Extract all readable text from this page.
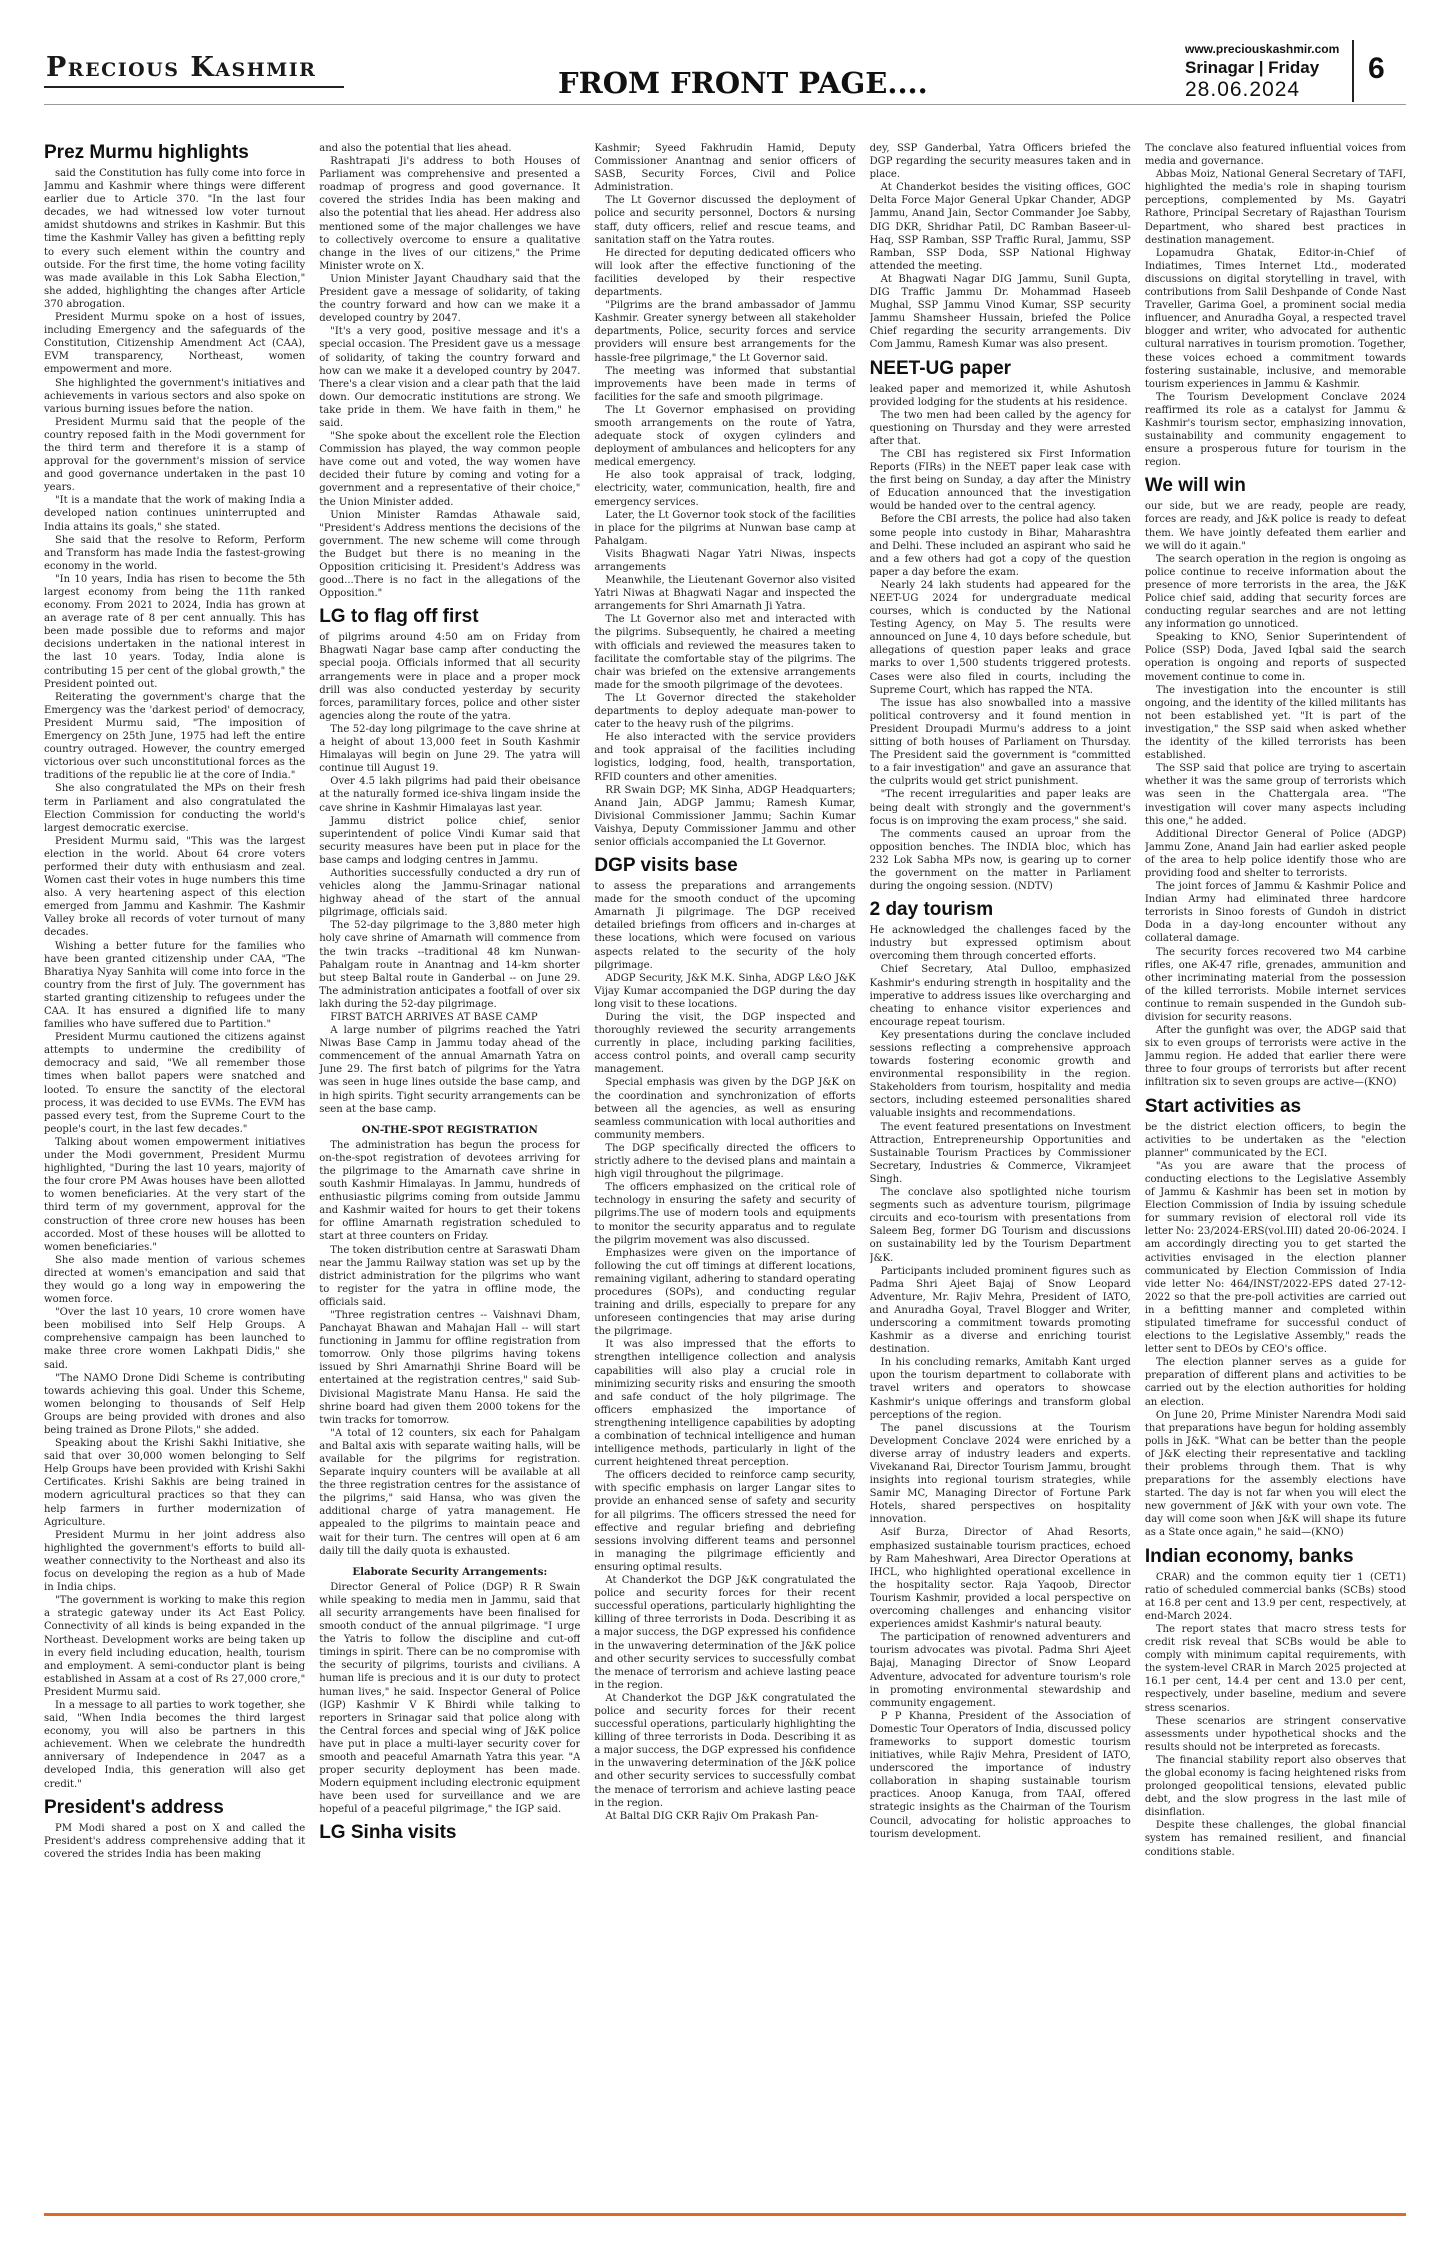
Precious Kashmir	FROM FRONT PAGE....
www.preciouskashmir.com
Srinagar | Friday
28.06.2024
6
Prez Murmu highlights

said the Constitution has fully come into force in Jammu and Kashmir where things were different earlier due to Article 370. "In the last four decades, we had witnessed low voter turnout amidst shutdowns and strikes in Kashmir. But this time the Kashmir Valley has given a befitting reply to every such element within the country and outside. For the first time, the home voting facility was made available in this Lok Sabha Election," she added, highlighting the changes after Article 370 abrogation.

President Murmu spoke on a host of issues, including Emergency and the safeguards of the Constitution, Citizenship Amendment Act (CAA), EVM transparency, Northeast, women empowerment and more.

She highlighted the government's initiatives and achievements in various sectors and also spoke on various burning issues before the nation.

President Murmu said that the people of the country reposed faith in the Modi government for the third term and therefore it is a stamp of approval for the government's mission of service and good governance undertaken in the past 10 years.

"It is a mandate that the work of making India a developed nation continues uninterrupted and India attains its goals," she stated.

She said that the resolve to Reform, Perform and Transform has made India the fastest-growing economy in the world.

"In 10 years, India has risen to become the 5th largest economy from being the 11th ranked economy. From 2021 to 2024, India has grown at an average rate of 8 per cent annually. This has been made possible due to reforms and major decisions undertaken in the national interest in the last 10 years. Today, India alone is contributing 15 per cent of the global growth," the President pointed out.

Reiterating the government's charge that the Emergency was the 'darkest period' of democracy, President Murmu said, "The imposition of Emergency on 25th June, 1975 had left the entire country outraged. However, the country emerged victorious over such unconstitutional forces as the traditions of the republic lie at the core of India."

She also congratulated the MPs on their fresh term in Parliament and also congratulated the Election Commission for conducting the world's largest democratic exercise.

President Murmu said, "This was the largest election in the world. About 64 crore voters performed their duty with enthusiasm and zeal. Women cast their votes in huge numbers this time also. A very heartening aspect of this election emerged from Jammu and Kashmir. The Kashmir Valley broke all records of voter turnout of many decades.

Wishing a better future for the families who have been granted citizenship under CAA, "The Bharatiya Nyay Sanhita will come into force in the country from the first of July. The government has started granting citizenship to refugees under the CAA. It has ensured a dignified life to many families who have suffered due to Partition."

President Murmu cautioned the citizens against attempts to undermine the credibility of democracy and said, "We all remember those times when ballot papers were snatched and looted. To ensure the sanctity of the electoral process, it was decided to use EVMs. The EVM has passed every test, from the Supreme Court to the people's court, in the last few decades."

Talking about women empowerment initiatives under the Modi government, President Murmu highlighted, "During the last 10 years, majority of the four crore PM Awas houses have been allotted to women beneficiaries. At the very start of the third term of my government, approval for the construction of three crore new houses has been accorded. Most of these houses will be allotted to women beneficiaries."

She also made mention of various schemes directed at women's emancipation and said that they would go a long way in empowering the women force.

"Over the last 10 years, 10 crore women have been mobilised into Self Help Groups. A comprehensive campaign has been launched to make three crore women Lakhpati Didis," she said.

"The NAMO Drone Didi Scheme is contributing towards achieving this goal. Under this Scheme, women belonging to thousands of Self Help Groups are being provided with drones and also being trained as Drone Pilots," she added.

Speaking about the Krishi Sakhi Initiative, she said that over 30,000 women belonging to Self Help Groups have been provided with Krishi Sakhi Certificates. Krishi Sakhis are being trained in modern agricultural practices so that they can help farmers in further modernization of Agriculture.

President Murmu in her joint address also highlighted the government's efforts to build all-weather connectivity to the Northeast and also its focus on developing the region as a hub of Made in India chips.

"The government is working to make this region a strategic gateway under its Act East Policy. Connectivity of all kinds is being expanded in the Northeast. Development works are being taken up in every field including education, health, tourism and employment. A semi-conductor plant is being established in Assam at a cost of Rs 27,000 crore," President Murmu said.

In a message to all parties to work together, she said, "When India becomes the third largest economy, you will also be partners in this achievement. When we celebrate the hundredth anniversary of Independence in 2047 as a developed India, this generation will also get credit."

President's address

PM Modi shared a post on X and called the President's address comprehensive adding that it covered the strides India has been making

and also the potential that lies ahead.

Rashtrapati Ji's address to both Houses of Parliament was comprehensive and presented a roadmap of progress and good governance. It covered the strides India has been making and also the potential that lies ahead. Her address also mentioned some of the major challenges we have to collectively overcome to ensure a qualitative change in the lives of our citizens," the Prime Minister wrote on X.

Union Minister Jayant Chaudhary said that the President gave a message of solidarity, of taking the country forward and how can we make it a developed country by 2047.

"It's a very good, positive message and it's a special occasion. The President gave us a message of solidarity, of taking the country forward and how can we make it a developed country by 2047. There's a clear vision and a clear path that the laid down. Our democratic institutions are strong. We take pride in them. We have faith in them," he said.

"She spoke about the excellent role the Election Commission has played, the way common people have come out and voted, the way women have decided their future by coming and voting for a government and a representative of their choice," the Union Minister added.

Union Minister Ramdas Athawale said, "President's Address mentions the decisions of the government. The new scheme will come through the Budget but there is no meaning in the Opposition criticising it. President's Address was good...There is no fact in the allegations of the Opposition."

LG to flag off first

of pilgrims around 4:50 am on Friday from Bhagwati Nagar base camp after conducting the special pooja. Officials informed that all security arrangements were in place and a proper mock drill was also conducted yesterday by security forces, paramilitary forces, police and other sister agencies along the route of the yatra.

The 52-day long pilgrimage to the cave shrine at a height of about 13,000 feet in South Kashmir Himalayas will begin on June 29. The yatra will continue till August 19.

Over 4.5 lakh pilgrims had paid their obeisance at the naturally formed ice-shiva lingam inside the cave shrine in Kashmir Himalayas last year.

Jammu district police chief, senior superintendent of police Vindi Kumar said that security measures have been put in place for the base camps and lodging centres in Jammu.

Authorities successfully conducted a dry run of vehicles along the Jammu-Srinagar national highway ahead of the start of the annual pilgrimage, officials said.

The 52-day pilgrimage to the 3,880 meter high holy cave shrine of Amarnath will commence from the twin tracks --traditional 48 km Nunwan-Pahalgam route in Anantnag and 14-km shorter but steep Baltal route in Ganderbal -- on June 29. The administration anticipates a footfall of over six lakh during the 52-day pilgrimage.

FIRST BATCH ARRIVES AT BASE CAMP

A large number of pilgrims reached the Yatri Niwas Base Camp in Jammu today ahead of the commencement of the annual Amarnath Yatra on June 29. The first batch of pilgrims for the Yatra was seen in huge lines outside the base camp, and in high spirits. Tight security arrangements can be seen at the base camp.

ON-THE-SPOT REGISTRATION

The administration has begun the process for on-the-spot registration of devotees arriving for the pilgrimage to the Amarnath cave shrine in south Kashmir Himalayas. In Jammu, hundreds of enthusiastic pilgrims coming from outside Jammu and Kashmir waited for hours to get their tokens for offline Amarnath registration scheduled to start at three counters on Friday.

The token distribution centre at Saraswati Dham near the Jammu Railway station was set up by the district administration for the pilgrims who want to register for the yatra in offline mode, the officials said.

"Three registration centres -- Vaishnavi Dham, Panchayat Bhawan and Mahajan Hall -- will start functioning in Jammu for offline registration from tomorrow. Only those pilgrims having tokens issued by Shri Amarnathji Shrine Board will be entertained at the registration centres," said Sub-Divisional Magistrate Manu Hansa. He said the shrine board had given them 2000 tokens for the twin tracks for tomorrow.

"A total of 12 counters, six each for Pahalgam and Baltal axis with separate waiting halls, will be available for the pilgrims for registration. Separate inquiry counters will be available at all the three registration centres for the assistance of the pilgrims," said Hansa, who was given the additional charge of yatra management. He appealed to the pilgrims to maintain peace and wait for their turn. The centres will open at 6 am daily till the daily quota is exhausted.

Elaborate Security Arrangements:

Director General of Police (DGP) R R Swain while speaking to media men in Jammu, said that all security arrangements have been finalised for smooth conduct of the annual pilgrimage. "I urge the Yatris to follow the discipline and cut-off timings in spirit. There can be no compromise with the security of pilgrims, tourists and civilians. A human life is precious and it is our duty to protect human lives," he said. Inspector General of Police (IGP) Kashmir V K Bhirdi while talking to reporters in Srinagar said that police along with the Central forces and special wing of J&K police have put in place a multi-layer security cover for smooth and peaceful Amarnath Yatra this year. "A proper security deployment has been made. Modern equipment including electronic equipment have been used for surveillance and we are hopeful of a peaceful pilgrimage," the IGP said.

LG Sinha visits

Kashmir; Syeed Fakhrudin Hamid, Deputy Commissioner Anantnag and senior officers of SASB, Security Forces, Civil and Police Administration.

The Lt Governor discussed the deployment of police and security personnel, Doctors & nursing staff, duty officers, relief and rescue teams, and sanitation staff on the Yatra routes.

He directed for deputing dedicated officers who will look after the effective functioning of the facilities developed by their respective departments.

"Pilgrims are the brand ambassador of Jammu Kashmir. Greater synergy between all stakeholder departments, Police, security forces and service providers will ensure best arrangements for the hassle-free pilgrimage," the Lt Governor said.

The meeting was informed that substantial improvements have been made in terms of facilities for the safe and smooth pilgrimage.

The Lt Governor emphasised on providing smooth arrangements on the route of Yatra, adequate stock of oxygen cylinders and deployment of ambulances and helicopters for any medical emergency.

He also took appraisal of track, lodging, electricity, water, communication, health, fire and emergency services.

Later, the Lt Governor took stock of the facilities in place for the pilgrims at Nunwan base camp at Pahalgam.

Visits Bhagwati Nagar Yatri Niwas, inspects arrangements

Meanwhile, the Lieutenant Governor also visited Yatri Niwas at Bhagwati Nagar and inspected the arrangements for Shri Amarnath Ji Yatra.

The Lt Governor also met and interacted with the pilgrims. Subsequently, he chaired a meeting with officials and reviewed the measures taken to facilitate the comfortable stay of the pilgrims. The chair was briefed on the extensive arrangements made for the smooth pilgrimage of the devotees.

The Lt Governor directed the stakeholder departments to deploy adequate man-power to cater to the heavy rush of the pilgrims.

He also interacted with the service providers and took appraisal of the facilities including logistics, lodging, food, health, transportation, RFID counters and other amenities.

RR Swain DGP; MK Sinha, ADGP Headquarters; Anand Jain, ADGP Jammu; Ramesh Kumar, Divisional Commissioner Jammu; Sachin Kumar Vaishya, Deputy Commissioner Jammu and other senior officials accompanied the Lt Governor.

DGP visits base

to assess the preparations and arrangements made for the smooth conduct of the upcoming Amarnath Ji pilgrimage. The DGP received detailed briefings from officers and in-charges at these locations, which were focused on various aspects related to the security of the holy pilgrimage.

ADGP Security, J&K M.K. Sinha, ADGP L&O J&K Vijay Kumar accompanied the DGP during the day long visit to these locations.

During the visit, the DGP inspected and thoroughly reviewed the security arrangements currently in place, including parking facilities, access control points, and overall camp security management.

Special emphasis was given by the DGP J&K on the coordination and synchronization of efforts between all the agencies, as well as ensuring seamless communication with local authorities and community members.

The DGP specifically directed the officers to strictly adhere to the devised plans and maintain a high vigil throughout the pilgrimage.

The officers emphasized on the critical role of technology in ensuring the safety and security of pilgrims.The use of modern tools and equipments to monitor the security apparatus and to regulate the pilgrim movement was also discussed.

Emphasizes were given on the importance of following the cut off timings at different locations, remaining vigilant, adhering to standard operating procedures (SOPs), and conducting regular training and drills, especially to prepare for any unforeseen contingencies that may arise during the pilgrimage.

It was also impressed that the efforts to strengthen intelligence collection and analysis capabilities will also play a crucial role in minimizing security risks and ensuring the smooth and safe conduct of the holy pilgrimage. The officers emphasized the importance of strengthening intelligence capabilities by adopting a combination of technical intelligence and human intelligence methods, particularly in light of the current heightened threat perception.

The officers decided to reinforce camp security, with specific emphasis on larger Langar sites to provide an enhanced sense of safety and security for all pilgrims. The officers stressed the need for effective and regular briefing and debriefing sessions involving different teams and personnel in managing the pilgrimage efficiently and ensuring optimal results.

At Chanderkot the DGP J&K congratulated the police and security forces for their recent successful operations, particularly highlighting the killing of three terrorists in Doda. Describing it as a major success, the DGP expressed his confidence in the unwavering determination of the J&K police and other security services to successfully combat the menace of terrorism and achieve lasting peace in the region.

At Chanderkot the DGP J&K congratulated the police and security forces for their recent successful operations, particularly highlighting the killing of three terrorists in Doda. Describing it as a major success, the DGP expressed his confidence in the unwavering determination of the J&K police and other security services to successfully combat the menace of terrorism and achieve lasting peace in the region.

At Baltal DIG CKR Rajiv Om Prakash Pan-

dey, SSP Ganderbal, Yatra Officers briefed the DGP regarding the security measures taken and in place.

At Chanderkot besides the visiting offices, GOC Delta Force Major General Upkar Chander, ADGP Jammu, Anand Jain, Sector Commander Joe Sabby, DIG DKR, Shridhar Patil, DC Ramban Baseer-ul-Haq, SSP Ramban, SSP Traffic Rural, Jammu, SSP Ramban, SSP Doda, SSP National Highway attended the meeting.

At Bhagwati Nagar DIG Jammu, Sunil Gupta, DIG Traffic Jammu Dr. Mohammad Haseeb Mughal, SSP Jammu Vinod Kumar, SSP security Jammu Shamsheer Hussain, briefed the Police Chief regarding the security arrangements. Div Com Jammu, Ramesh Kumar was also present.

NEET-UG paper

leaked paper and memorized it, while Ashutosh provided lodging for the students at his residence.

The two men had been called by the agency for questioning on Thursday and they were arrested after that.

The CBI has registered six First Information Reports (FIRs) in the NEET paper leak case with the first being on Sunday, a day after the Ministry of Education announced that the investigation would be handed over to the central agency.

Before the CBI arrests, the police had also taken some people into custody in Bihar, Maharashtra and Delhi. These included an aspirant who said he and a few others had got a copy of the question paper a day before the exam.

Nearly 24 lakh students had appeared for the NEET-UG 2024 for undergraduate medical courses, which is conducted by the National Testing Agency, on May 5. The results were announced on June 4, 10 days before schedule, but allegations of question paper leaks and grace marks to over 1,500 students triggered protests. Cases were also filed in courts, including the Supreme Court, which has rapped the NTA.

The issue has also snowballed into a massive political controversy and it found mention in President Droupadi Murmu's address to a joint sitting of both houses of Parliament on Thursday. The President said the government is "committed to a fair investigation" and gave an assurance that the culprits would get strict punishment.

"The recent irregularities and paper leaks are being dealt with strongly and the government's focus is on improving the exam process," she said.

The comments caused an uproar from the opposition benches. The INDIA bloc, which has 232 Lok Sabha MPs now, is gearing up to corner the government on the matter in Parliament during the ongoing session. (NDTV)

2 day tourism

He acknowledged the challenges faced by the industry but expressed optimism about overcoming them through concerted efforts.

Chief Secretary, Atal Dulloo, emphasized Kashmir's enduring strength in hospitality and the imperative to address issues like overcharging and cheating to enhance visitor experiences and encourage repeat tourism.

Key presentations during the conclave included sessions reflecting a comprehensive approach towards fostering economic growth and environmental responsibility in the region. Stakeholders from tourism, hospitality and media sectors, including esteemed personalities shared valuable insights and recommendations.

The event featured presentations on Investment Attraction, Entrepreneurship Opportunities and Sustainable Tourism Practices by Commissioner Secretary, Industries & Commerce, Vikramjeet Singh.

The conclave also spotlighted niche tourism segments such as adventure tourism, pilgrimage circuits and eco-tourism with presentations from Saleem Beg, former DG Tourism and discussions on sustainability led by the Tourism Department J&K.

Participants included prominent figures such as Padma Shri Ajeet Bajaj of Snow Leopard Adventure, Mr. Rajiv Mehra, President of IATO, and Anuradha Goyal, Travel Blogger and Writer, underscoring a commitment towards promoting Kashmir as a diverse and enriching tourist destination.

In his concluding remarks, Amitabh Kant urged upon the tourism department to collaborate with travel writers and operators to showcase Kashmir's unique offerings and transform global perceptions of the region.

The panel discussions at the Tourism Development Conclave 2024 were enriched by a diverse array of industry leaders and experts. Vivekanand Rai, Director Tourism Jammu, brought insights into regional tourism strategies, while Samir MC, Managing Director of Fortune Park Hotels, shared perspectives on hospitality innovation.

Asif Burza, Director of Ahad Resorts, emphasized sustainable tourism practices, echoed by Ram Maheshwari, Area Director Operations at IHCL, who highlighted operational excellence in the hospitality sector. Raja Yaqoob, Director Tourism Kashmir, provided a local perspective on overcoming challenges and enhancing visitor experiences amidst Kashmir's natural beauty.

The participation of renowned adventurers and tourism advocates was pivotal. Padma Shri Ajeet Bajaj, Managing Director of Snow Leopard Adventure, advocated for adventure tourism's role in promoting environmental stewardship and community engagement.

P P Khanna, President of the Association of Domestic Tour Operators of India, discussed policy frameworks to support domestic tourism initiatives, while Rajiv Mehra, President of IATO, underscored the importance of industry collaboration in shaping sustainable tourism practices. Anoop Kanuga, from TAAI, offered strategic insights as the Chairman of the Tourism Council, advocating for holistic approaches to tourism development.

The conclave also featured influential voices from media and governance.

Abbas Moiz, National General Secretary of TAFI, highlighted the media's role in shaping tourism perceptions, complemented by Ms. Gayatri Rathore, Principal Secretary of Rajasthan Tourism Department, who shared best practices in destination management.

Lopamudra Ghatak, Editor-in-Chief of Indiatimes, Times Internet Ltd., moderated discussions on digital storytelling in travel, with contributions from Salil Deshpande of Conde Nast Traveller, Garima Goel, a prominent social media influencer, and Anuradha Goyal, a respected travel blogger and writer, who advocated for authentic cultural narratives in tourism promotion. Together, these voices echoed a commitment towards fostering sustainable, inclusive, and memorable tourism experiences in Jammu & Kashmir.

The Tourism Development Conclave 2024 reaffirmed its role as a catalyst for Jammu & Kashmir's tourism sector, emphasizing innovation, sustainability and community engagement to ensure a prosperous future for tourism in the region.

We will win

our side, but we are ready, people are ready, forces are ready, and J&K police is ready to defeat them. We have jointly defeated them earlier and we will do it again."

The search operation in the region is ongoing as police continue to receive information about the presence of more terrorists in the area, the J&K Police chief said, adding that security forces are conducting regular searches and are not letting any information go unnoticed.

Speaking to KNO, Senior Superintendent of Police (SSP) Doda, Javed Iqbal said the search operation is ongoing and reports of suspected movement continue to come in.

The investigation into the encounter is still ongoing, and the identity of the killed militants has not been established yet. "It is part of the investigation," the SSP said when asked whether the identity of the killed terrorists has been established.

The SSP said that police are trying to ascertain whether it was the same group of terrorists which was seen in the Chattergala area. "The investigation will cover many aspects including this one," he added.

Additional Director General of Police (ADGP) Jammu Zone, Anand Jain had earlier asked people of the area to help police identify those who are providing food and shelter to terrorists.

The joint forces of Jammu & Kashmir Police and Indian Army had eliminated three hardcore terrorists in Sinoo forests of Gundoh in district Doda in a day-long encounter without any collateral damage.

The security forces recovered two M4 carbine rifles, one AK-47 rifle, grenades, ammunition and other incriminating material from the possession of the killed terrorists. Mobile internet services continue to remain suspended in the Gundoh sub-division for security reasons.

After the gunfight was over, the ADGP said that six to even groups of terrorists were active in the Jammu region. He added that earlier there were three to four groups of terrorists but after recent infiltration six to seven groups are active—(KNO)

Start activities as

be the district election officers, to begin the activities to be undertaken as the "election planner" communicated by the ECI.

"As you are aware that the process of conducting elections to the Legislative Assembly of Jammu & Kashmir has been set in motion by Election Commission of India by issuing schedule for summary revision of electoral roll vide its letter No: 23/2024-ERS(vol.III) dated 20-06-2024. I am accordingly directing you to get started the activities envisaged in the election planner communicated by Election Commission of India vide letter No: 464/INST/2022-EPS dated 27-12-2022 so that the pre-poll activities are carried out in a befitting manner and completed within stipulated timeframe for successful conduct of elections to the Legislative Assembly," reads the letter sent to DEOs by CEO's office.

The election planner serves as a guide for preparation of different plans and activities to be carried out by the election authorities for holding an election.

On June 20, Prime Minister Narendra Modi said that preparations have begun for holding assembly polls in J&K. "What can be better than the people of J&K electing their representative and tackling their problems through them. That is why preparations for the assembly elections have started. The day is not far when you will elect the new government of J&K with your own vote. The day will come soon when J&K will shape its future as a State once again," he said—(KNO)

Indian economy, banks

CRAR) and the common equity tier 1 (CET1) ratio of scheduled commercial banks (SCBs) stood at 16.8 per cent and 13.9 per cent, respectively, at end-March 2024.

The report states that macro stress tests for credit risk reveal that SCBs would be able to comply with minimum capital requirements, with the system-level CRAR in March 2025 projected at 16.1 per cent, 14.4 per cent and 13.0 per cent, respectively, under baseline, medium and severe stress scenarios.

These scenarios are stringent conservative assessments under hypothetical shocks and the results should not be interpreted as forecasts.

The financial stability report also observes that the global economy is facing heightened risks from prolonged geopolitical tensions, elevated public debt, and the slow progress in the last mile of disinflation.

Despite these challenges, the global financial system has remained resilient, and financial conditions stable.
